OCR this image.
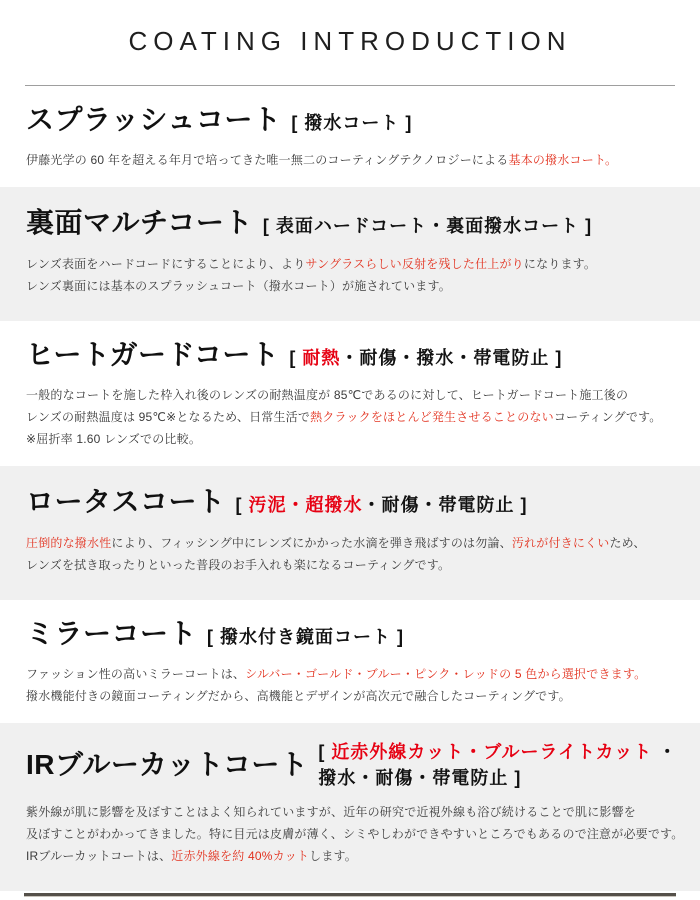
COATING INTRODUCTION
スプラッシュコート [ 撥水コート ]
伊藤光学の 60 年を超える年月で培ってきた唯一無二のコーティングテクノロジーによる基本の撥水コート。
裏面マルチコート [ 表面ハードコート・裏面撥水コート ]
レンズ表面をハードコードにすることにより、よりサングラスらしい反射を残した仕上がりになります。
レンズ裏面には基本のスプラッシュコート（撥水コート）が施されています。
ヒートガードコート [ 耐熱・耐傷・撥水・帯電防止 ]
一般的なコートを施した枠入れ後のレンズの耐熱温度が 85℃であるのに対して、ヒートガードコート施工後の
レンズの耐熱温度は 95℃※となるため、日常生活で熱クラックをほとんど発生させることのないコーティングです。
※屈折率 1.60 レンズでの比較。
ロータスコート [ 汚泥・超撥水・耐傷・帯電防止 ]
圧倒的な撥水性により、フィッシング中にレンズにかかった水滴を弾き飛ばすのは勿論、汚れが付きにくいため、
レンズを拭き取ったりといった普段のお手入れも楽になるコーティングです。
ミラーコート [ 撥水付き鏡面コート ]
ファッション性の高いミラーコートは、シルバー・ゴールド・ブルー・ピンク・レッドの 5 色から選択できます。
撥水機能付きの鏡面コーティングだから、高機能とデザインが高次元で融合したコーティングです。
IRブルーカットコート [ 近赤外線カット・ブルーライトカット ・
撥水・耐傷・帯電防止 ]
紫外線が肌に影響を及ぼすことはよく知られていますが、近年の研究で近視外線も浴び続けることで肌に影響を
及ぼすことがわかってきました。特に目元は皮膚が薄く、シミやしわができやすいところでもあるので注意が必要です。
IRブルーカットコートは、近赤外線を約 40%カットします。
